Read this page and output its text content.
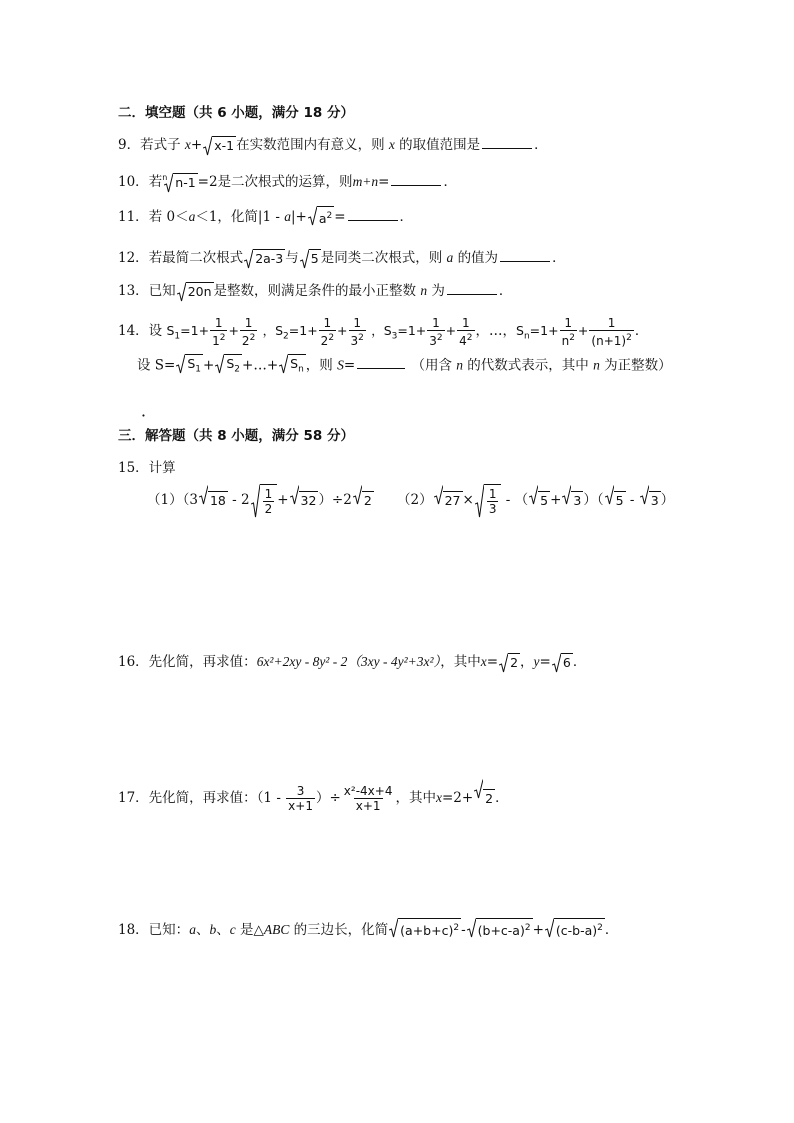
二．填空题（共 6 小题，满分 18 分）
9．若式子 x+ x-1 在实数范围内有意义，则 x 的取值范围是	．
10．若$^n$ n-1 =2是二次根式的运算，则m+n=	．
11．若 0＜a＜1，化简$|1 - a|+ a^2$ =	．
12．若最简二次根式 2a-3 与 5 是同类二次根式，则 a 的值为	．
13．已知 20n 是整数，则满足条件的最小正整数 n 为	．
14．设 $S_1=1+ \frac{1}{1^2} + \frac{1}{2^2}$ ，$S_2=1+ \frac{1}{2^2} + \frac{1}{3^2}$ ，$S_3=1+ \frac{1}{3^2} + \frac{1}{4^2}$ ，…，$S_n=1+ \frac{1}{n^2} + \frac{1}{(n+1)^2}$ ．
设 $S= S_1 + S_2$ +…+ $S_n$ ，则 S=	（用含 n 的代数式表示，其中 n 为正整数）
．
三．解答题（共 8 小题，满分 58 分）
15．计算
（1）（3 $18 - 2 \frac{1}{2} + 32$ ）÷2 2 （2） $27 \times \frac{1}{3}$ - （ 5 + 3 ）（ 5 -
3 ）
16．先化简，再求值：6x²+2xy - 8y² - 2（3xy - 4y²+3x²），其中x= 2 ，y= 6 ．
17．先化简，再求值：（$1 - \frac{3}{x+1}$ ）÷ $\frac{\text{x²-4x+4}}{x+1}$ ，其中x=2+ 2 ．
18．已知：a、b、c 是△ABC 的三边长，化简 $(a+b+c)^2 - (b+c-a)^2 + (c-b-a)^2$ ．
